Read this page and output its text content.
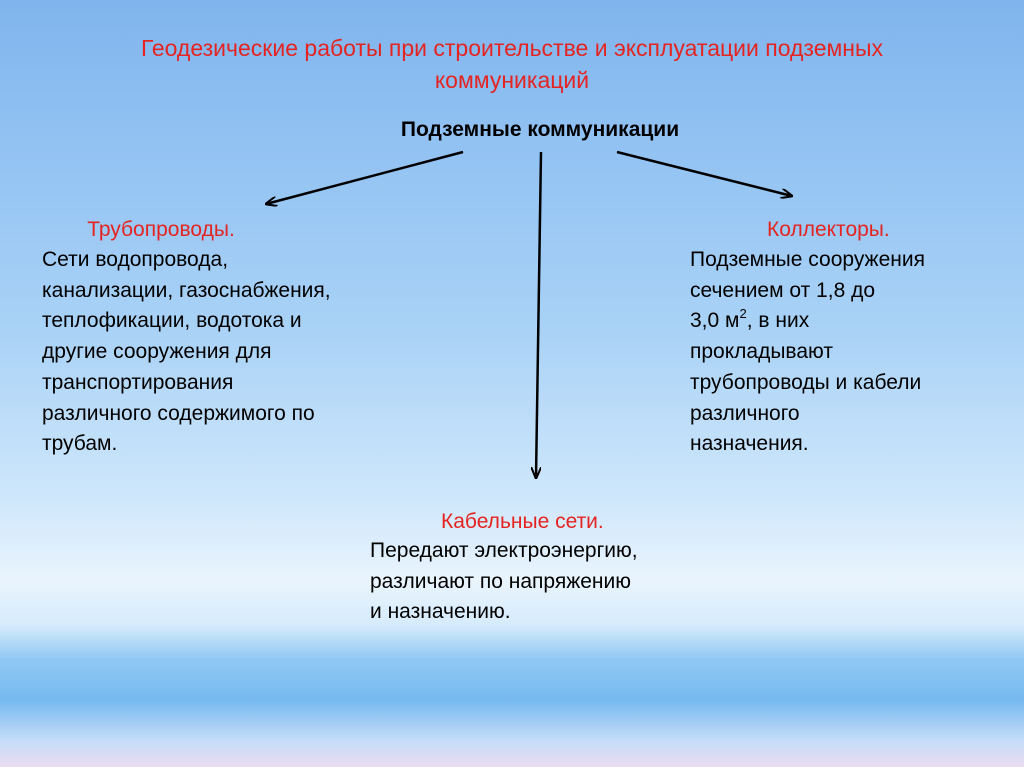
Геодезические работы при строительстве и эксплуатации подземных
коммуникаций
Подземные коммуникации
Трубопроводы.
Сети водопровода,
канализации, газоснабжения,
теплофикации, водотока и
другие сооружения для
транспортирования
различного содержимого по
трубам.
Коллекторы.
Подземные сооружения
сечением от 1,8 до
3,0 $м^2$, в них
прокладывают
трубопроводы и кабели
различного
назначения.
Кабельные сети.
Передают электроэнергию,
различают по напряжению
и назначению.
